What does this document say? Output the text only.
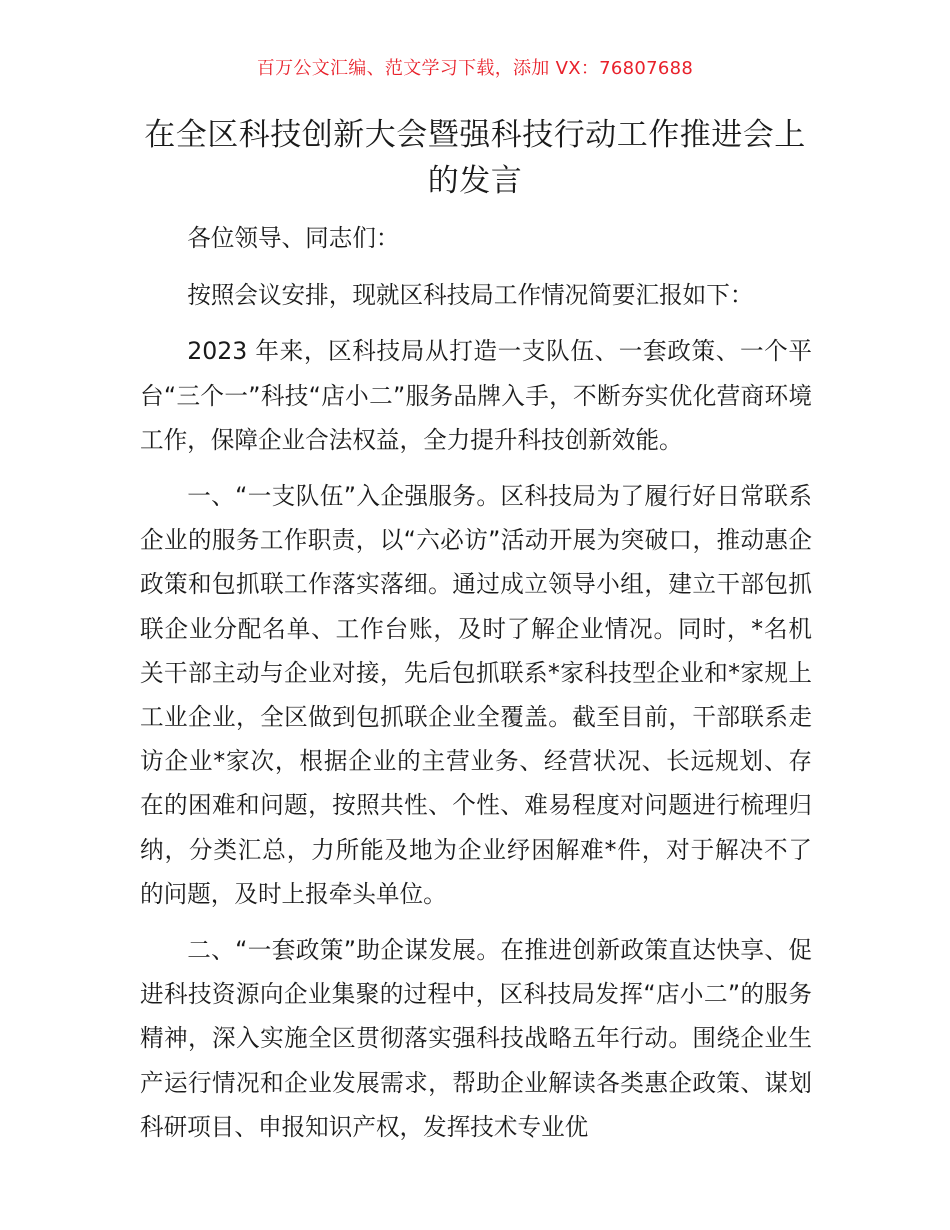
百万公文汇编、范文学习下载，添加 VX：76807688
在全区科技创新大会暨强科技行动工作推进会上的发言

各位领导、同志们：

按照会议安排，现就区科技局工作情况简要汇报如下：

2023 年来，区科技局从打造一支队伍、一套政策、一个平台“三个一”科技“店小二”服务品牌入手，不断夯实优化营商环境工作，保障企业合法权益，全力提升科技创新效能。

一、“一支队伍”入企强服务。区科技局为了履行好日常联系企业的服务工作职责，以“六必访”活动开展为突破口，推动惠企政策和包抓联工作落实落细。通过成立领导小组，建立干部包抓联企业分配名单、工作台账，及时了解企业情况。同时，*名机关干部主动与企业对接，先后包抓联系*家科技型企业和*家规上工业企业，全区做到包抓联企业全覆盖。截至目前，干部联系走访企业*家次，根据企业的主营业务、经营状况、长远规划、存在的困难和问题，按照共性、个性、难易程度对问题进行梳理归纳，分类汇总，力所能及地为企业纾困解难*件，对于解决不了的问题，及时上报牵头单位。

二、“一套政策”助企谋发展。在推进创新政策直达快享、促进科技资源向企业集聚的过程中，区科技局发挥“店小二”的服务精神，深入实施全区贯彻落实强科技战略五年行动。围绕企业生产运行情况和企业发展需求，帮助企业解读各类惠企政策、谋划科研项目、申报知识产权，发挥技术专业优
